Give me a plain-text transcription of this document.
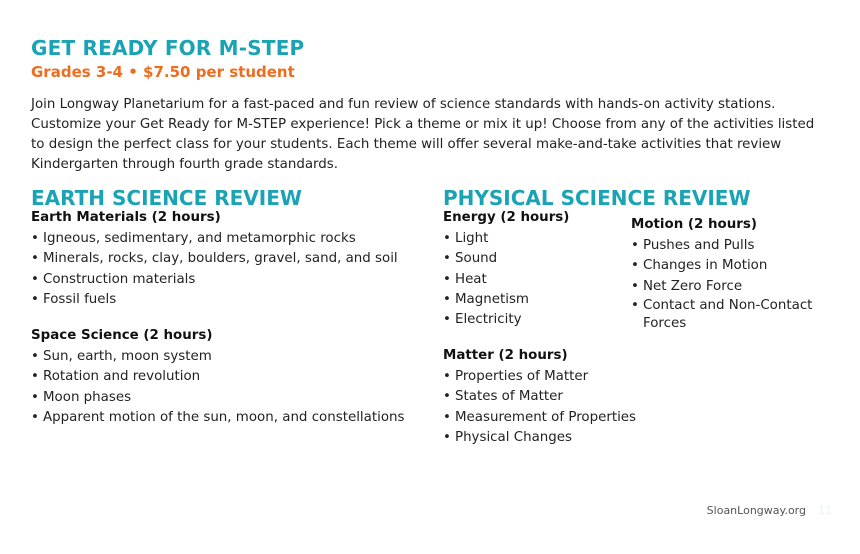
GET READY FOR M-STEP
Grades 3-4 • $7.50 per student
Join Longway Planetarium for a fast-paced and fun review of science standards with hands-on activity stations. Customize your Get Ready for M-STEP experience! Pick a theme or mix it up! Choose from any of the activities listed to design the perfect class for your students. Each theme will offer several make-and-take activities that review Kindergarten through fourth grade standards.
EARTH SCIENCE REVIEW
Earth Materials (2 hours)
• Igneous, sedimentary, and metamorphic rocks
• Minerals, rocks, clay, boulders, gravel, sand, and soil
• Construction materials
• Fossil fuels
Space Science (2 hours)
• Sun, earth, moon system
• Rotation and revolution
• Moon phases
• Apparent motion of the sun, moon, and constellations
PHYSICAL SCIENCE REVIEW
Energy (2 hours)
• Light
• Sound
• Heat
• Magnetism
• Electricity
Matter (2 hours)
• Properties of Matter
• States of Matter
• Measurement of Properties
• Physical Changes
Motion (2 hours)
• Pushes and Pulls
• Changes in Motion
• Net Zero Force
• Contact and Non-Contact Forces
SloanLongway.org 11
